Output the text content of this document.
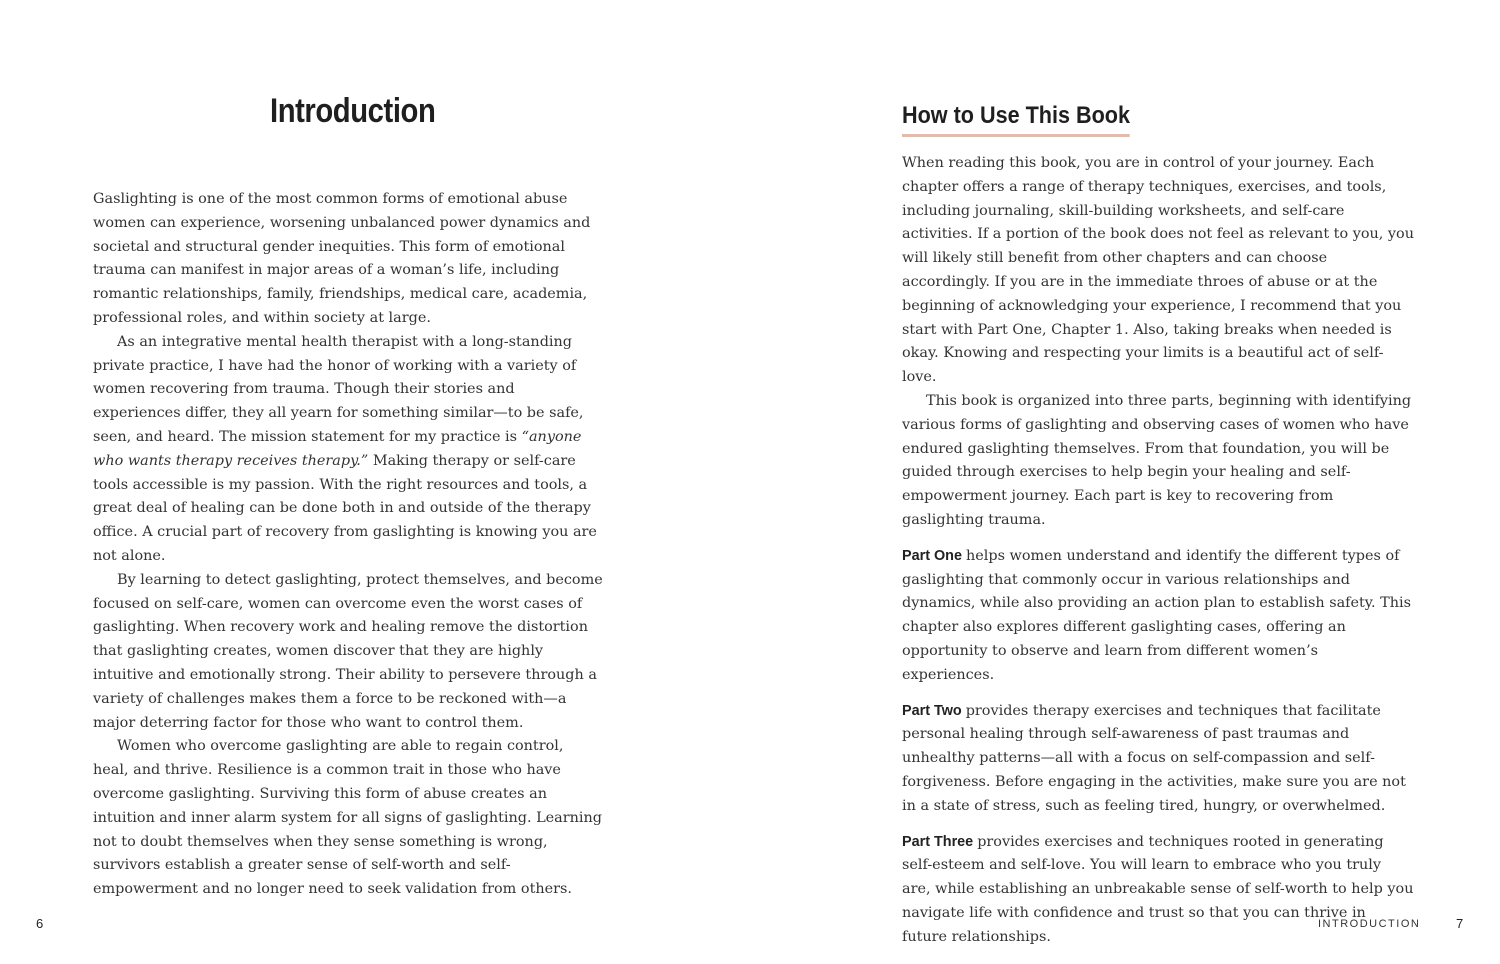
Introduction

Gaslighting is one of the most common forms of emotional abuse women can experience, worsening unbalanced power dynamics and societal and structural gender inequities. This form of emotional trauma can manifest in major areas of a woman’s life, including romantic relationships, family, friendships, medical care, academia, professional roles, and within society at large.

As an integrative mental health therapist with a long-standing private practice, I have had the honor of working with a variety of women recovering from trauma. Though their stories and experiences differ, they all yearn for something similar—to be safe, seen, and heard. The mission statement for my practice is “anyone who wants therapy receives therapy.” Making therapy or self-care tools accessible is my passion. With the right resources and tools, a great deal of healing can be done both in and outside of the therapy office. A crucial part of recovery from gaslighting is knowing you are not alone.

By learning to detect gaslighting, protect themselves, and become focused on self-care, women can overcome even the worst cases of gaslighting. When recovery work and healing remove the distortion that gaslighting creates, women discover that they are highly intuitive and emotionally strong. Their ability to persevere through a variety of challenges makes them a force to be reckoned with—a major deterring factor for those who want to control them.

Women who overcome gaslighting are able to regain control, heal, and thrive. Resilience is a common trait in those who have overcome gaslighting. Surviving this form of abuse creates an intuition and inner alarm system for all signs of gaslighting. Learning not to doubt themselves when they sense something is wrong, survivors establish a greater sense of self-worth and self-empowerment and no longer need to seek validation from others.

6
How to Use This Book

When reading this book, you are in control of your journey. Each chapter offers a range of therapy techniques, exercises, and tools, including journaling, skill-building worksheets, and self-care activities. If a portion of the book does not feel as relevant to you, you will likely still benefit from other chapters and can choose accordingly. If you are in the immediate throes of abuse or at the beginning of acknowledging your experience, I recommend that you start with Part One, Chapter 1. Also, taking breaks when needed is okay. Knowing and respecting your limits is a beautiful act of self-love.

This book is organized into three parts, beginning with identifying various forms of gaslighting and observing cases of women who have endured gaslighting themselves. From that foundation, you will be guided through exercises to help begin your healing and self-empowerment journey. Each part is key to recovering from gaslighting trauma.

Part One helps women understand and identify the different types of gaslighting that commonly occur in various relationships and dynamics, while also providing an action plan to establish safety. This chapter also explores different gaslighting cases, offering an opportunity to observe and learn from different women’s experiences.

Part Two provides therapy exercises and techniques that facilitate personal healing through self-awareness of past traumas and unhealthy patterns—all with a focus on self-compassion and self-forgiveness. Before engaging in the activities, make sure you are not in a state of stress, such as feeling tired, hungry, or overwhelmed.

Part Three provides exercises and techniques rooted in generating self-esteem and self-love. You will learn to embrace who you truly are, while establishing an unbreakable sense of self-worth to help you navigate life with confidence and trust so that you can thrive in future relationships.

INTRODUCTION	7
